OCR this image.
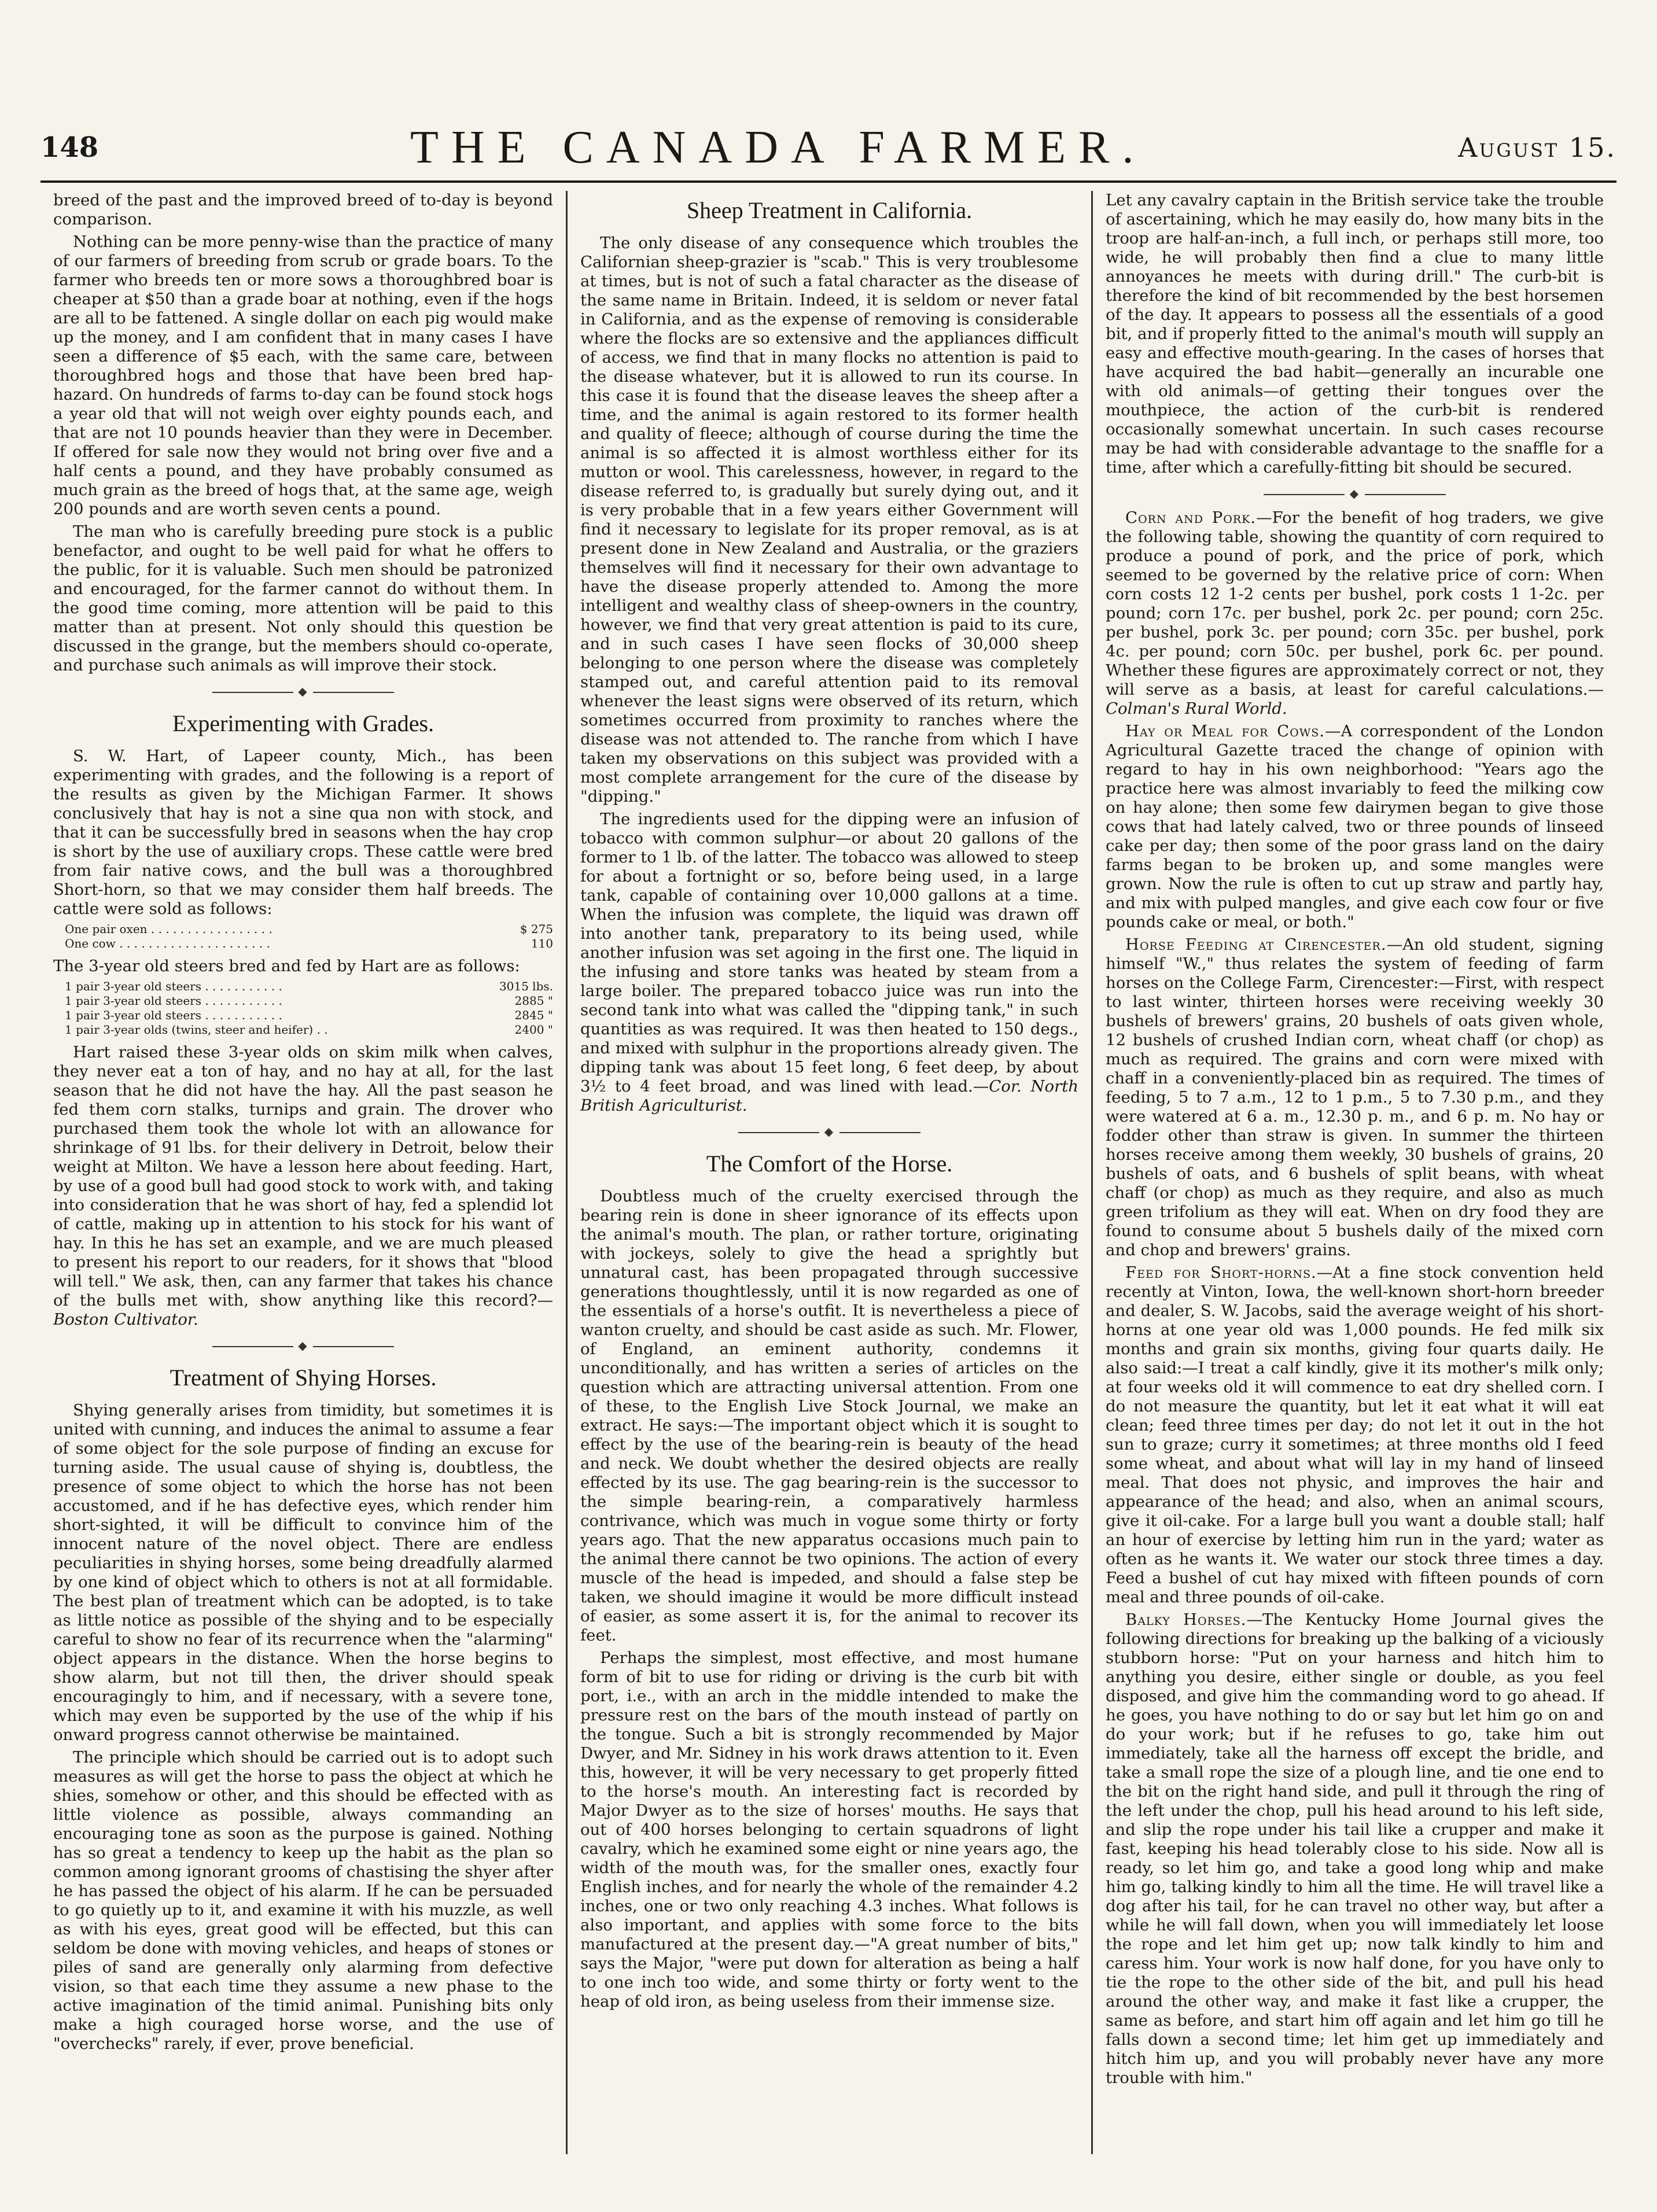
148	THE CANADA FARMER.	August 15.

breed of the past and the improved breed of to-day is beyond comparison.

Nothing can be more penny-wise than the practice of many of our farmers of breeding from scrub or grade boars. To the farmer who breeds ten or more sows a thoroughbred boar is cheaper at $50 than a grade boar at nothing, even if the hogs are all to be fattened. A single dollar on each pig would make up the money, and I am confident that in many cases I have seen a difference of $5 each, with the same care, between thoroughbred hogs and those that have been bred hap-hazard. On hundreds of farms to-day can be found stock hogs a year old that will not weigh over eighty pounds each, and that are not 10 pounds heavier than they were in December. If offered for sale now they would not bring over five and a half cents a pound, and they have probably consumed as much grain as the breed of hogs that, at the same age, weigh 200 pounds and are worth seven cents a pound.

The man who is carefully breeding pure stock is a public benefactor, and ought to be well paid for what he offers to the public, for it is valuable. Such men should be patronized and encouraged, for the farmer cannot do without them. In the good time coming, more attention will be paid to this matter than at present. Not only should this question be discussed in the grange, but the members should co-operate, and purchase such animals as will improve their stock.

◆
Experimenting with Grades.

S. W. Hart, of Lapeer county, Mich., has been experimenting with grades, and the following is a report of the results as given by the Michigan Farmer. It shows conclusively that hay is not a sine qua non with stock, and that it can be successfully bred in seasons when the hay crop is short by the use of auxiliary crops. These cattle were bred from fair native cows, and the bull was a thoroughbred Short-horn, so that we may consider them half breeds. The cattle were sold as follows:

One pair oxen . . . . . . . . . . . . . . . . .	$ 275
One cow . . . . . . . . . . . . . . . . . . . . .	110

The 3-year old steers bred and fed by Hart are as follows:

1 pair 3-year old steers . . . . . . . . . . .	3015 lbs.
1 pair 3-year old steers . . . . . . . . . . .	2885 "
1 pair 3-year old steers . . . . . . . . . . .	2845 "
1 pair 3-year olds (twins, steer and heifer) . .	2400 "

Hart raised these 3-year olds on skim milk when calves, they never eat a ton of hay, and no hay at all, for the last season that he did not have the hay. All the past season he fed them corn stalks, turnips and grain. The drover who purchased them took the whole lot with an allowance for shrinkage of 91 lbs. for their delivery in Detroit, below their weight at Milton. We have a lesson here about feeding. Hart, by use of a good bull had good stock to work with, and taking into consideration that he was short of hay, fed a splendid lot of cattle, making up in attention to his stock for his want of hay. In this he has set an example, and we are much pleased to present his report to our readers, for it shows that "blood will tell." We ask, then, can any farmer that takes his chance of the bulls met with, show anything like this record?—Boston Cultivator.

◆
Treatment of Shying Horses.

Shying generally arises from timidity, but sometimes it is united with cunning, and induces the animal to assume a fear of some object for the sole purpose of finding an excuse for turning aside. The usual cause of shying is, doubtless, the presence of some object to which the horse has not been accustomed, and if he has defective eyes, which render him short-sighted, it will be difficult to convince him of the innocent nature of the novel object. There are endless peculiarities in shying horses, some being dreadfully alarmed by one kind of object which to others is not at all formidable. The best plan of treatment which can be adopted, is to take as little notice as possible of the shying and to be especially careful to show no fear of its recurrence when the "alarming" object appears in the distance. When the horse begins to show alarm, but not till then, the driver should speak encouragingly to him, and if necessary, with a severe tone, which may even be supported by the use of the whip if his onward progress cannot otherwise be maintained.

The principle which should be carried out is to adopt such measures as will get the horse to pass the object at which he shies, somehow or other, and this should be effected with as little violence as possible, always commanding an encouraging tone as soon as the purpose is gained. Nothing has so great a tendency to keep up the habit as the plan so common among ignorant grooms of chastising the shyer after he has passed the object of his alarm. If he can be persuaded to go quietly up to it, and examine it with his muzzle, as well as with his eyes, great good will be effected, but this can seldom be done with moving vehicles, and heaps of stones or piles of sand are generally only alarming from defective vision, so that each time they assume a new phase to the active imagination of the timid animal. Punishing bits only make a high couraged horse worse, and the use of "overchecks" rarely, if ever, prove beneficial.

Sheep Treatment in California.

The only disease of any consequence which troubles the Californian sheep-grazier is "scab." This is very troublesome at times, but is not of such a fatal character as the disease of the same name in Britain. Indeed, it is seldom or never fatal in California, and as the expense of removing is considerable where the flocks are so extensive and the appliances difficult of access, we find that in many flocks no attention is paid to the disease whatever, but it is allowed to run its course. In this case it is found that the disease leaves the sheep after a time, and the animal is again restored to its former health and quality of fleece; although of course during the time the animal is so affected it is almost worthless either for its mutton or wool. This carelessness, however, in regard to the disease referred to, is gradually but surely dying out, and it is very probable that in a few years either Government will find it necessary to legislate for its proper removal, as is at present done in New Zealand and Australia, or the graziers themselves will find it necessary for their own advantage to have the disease properly attended to. Among the more intelligent and wealthy class of sheep-owners in the country, however, we find that very great attention is paid to its cure, and in such cases I have seen flocks of 30,000 sheep belonging to one person where the disease was completely stamped out, and careful attention paid to its removal whenever the least signs were observed of its return, which sometimes occurred from proximity to ranches where the disease was not attended to. The ranche from which I have taken my observations on this subject was provided with a most complete arrangement for the cure of the disease by "dipping."

The ingredients used for the dipping were an infusion of tobacco with common sulphur—or about 20 gallons of the former to 1 lb. of the latter. The tobacco was allowed to steep for about a fortnight or so, before being used, in a large tank, capable of containing over 10,000 gallons at a time. When the infusion was complete, the liquid was drawn off into another tank, preparatory to its being used, while another infusion was set agoing in the first one. The liquid in the infusing and store tanks was heated by steam from a large boiler. The prepared tobacco juice was run into the second tank into what was called the "dipping tank," in such quantities as was required. It was then heated to 150 degs., and mixed with sulphur in the proportions already given. The dipping tank was about 15 feet long, 6 feet deep, by about 3½ to 4 feet broad, and was lined with lead.—Cor. North British Agriculturist.

◆
The Comfort of the Horse.

Doubtless much of the cruelty exercised through the bearing rein is done in sheer ignorance of its effects upon the animal's mouth. The plan, or rather torture, originating with jockeys, solely to give the head a sprightly but unnatural cast, has been propagated through successive generations thoughtlessly, until it is now regarded as one of the essentials of a horse's outfit. It is nevertheless a piece of wanton cruelty, and should be cast aside as such. Mr. Flower, of England, an eminent authority, condemns it unconditionally, and has written a series of articles on the question which are attracting universal attention. From one of these, to the English Live Stock Journal, we make an extract. He says:—The important object which it is sought to effect by the use of the bearing-rein is beauty of the head and neck. We doubt whether the desired objects are really effected by its use. The gag bearing-rein is the successor to the simple bearing-rein, a comparatively harmless contrivance, which was much in vogue some thirty or forty years ago. That the new apparatus occasions much pain to the animal there cannot be two opinions. The action of every muscle of the head is impeded, and should a false step be taken, we should imagine it would be more difficult instead of easier, as some assert it is, for the animal to recover its feet.

Perhaps the simplest, most effective, and most humane form of bit to use for riding or driving is the curb bit with port, i.e., with an arch in the middle intended to make the pressure rest on the bars of the mouth instead of partly on the tongue. Such a bit is strongly recommended by Major Dwyer, and Mr. Sidney in his work draws attention to it. Even this, however, it will be very necessary to get properly fitted to the horse's mouth. An interesting fact is recorded by Major Dwyer as to the size of horses' mouths. He says that out of 400 horses belonging to certain squadrons of light cavalry, which he examined some eight or nine years ago, the width of the mouth was, for the smaller ones, exactly four English inches, and for nearly the whole of the remainder 4.2 inches, one or two only reaching 4.3 inches. What follows is also important, and applies with some force to the bits manufactured at the present day.—"A great number of bits," says the Major, "were put down for alteration as being a half to one inch too wide, and some thirty or forty went to the heap of old iron, as being useless from their immense size.

Let any cavalry captain in the British service take the trouble of ascertaining, which he may easily do, how many bits in the troop are half-an-inch, a full inch, or perhaps still more, too wide, he will probably then find a clue to many little annoyances he meets with during drill." The curb-bit is therefore the kind of bit recommended by the best horsemen of the day. It appears to possess all the essentials of a good bit, and if properly fitted to the animal's mouth will supply an easy and effective mouth-gearing. In the cases of horses that have acquired the bad habit—generally an incurable one with old animals—of getting their tongues over the mouthpiece, the action of the curb-bit is rendered occasionally somewhat uncertain. In such cases recourse may be had with considerable advantage to the snaffle for a time, after which a carefully-fitting bit should be secured.

◆

Corn and Pork.—For the benefit of hog traders, we give the following table, showing the quantity of corn required to produce a pound of pork, and the price of pork, which seemed to be governed by the relative price of corn: When corn costs 12 1-2 cents per bushel, pork costs 1 1-2c. per pound; corn 17c. per bushel, pork 2c. per pound; corn 25c. per bushel, pork 3c. per pound; corn 35c. per bushel, pork 4c. per pound; corn 50c. per bushel, pork 6c. per pound. Whether these figures are approximately correct or not, they will serve as a basis, at least for careful calculations.—Colman's Rural World.

Hay or Meal for Cows.—A correspondent of the London Agricultural Gazette traced the change of opinion with regard to hay in his own neighborhood: "Years ago the practice here was almost invariably to feed the milking cow on hay alone; then some few dairymen began to give those cows that had lately calved, two or three pounds of linseed cake per day; then some of the poor grass land on the dairy farms began to be broken up, and some mangles were grown. Now the rule is often to cut up straw and partly hay, and mix with pulped mangles, and give each cow four or five pounds cake or meal, or both."

Horse Feeding at Cirencester.—An old student, signing himself "W.," thus relates the system of feeding of farm horses on the College Farm, Cirencester:—First, with respect to last winter, thirteen horses were receiving weekly 30 bushels of brewers' grains, 20 bushels of oats given whole, 12 bushels of crushed Indian corn, wheat chaff (or chop) as much as required. The grains and corn were mixed with chaff in a conveniently-placed bin as required. The times of feeding, 5 to 7 a.m., 12 to 1 p.m., 5 to 7.30 p.m., and they were watered at 6 a. m., 12.30 p. m., and 6 p. m. No hay or fodder other than straw is given. In summer the thirteen horses receive among them weekly, 30 bushels of grains, 20 bushels of oats, and 6 bushels of split beans, with wheat chaff (or chop) as much as they require, and also as much green trifolium as they will eat. When on dry food they are found to consume about 5 bushels daily of the mixed corn and chop and brewers' grains.

Feed for Short-horns.—At a fine stock convention held recently at Vinton, Iowa, the well-known short-horn breeder and dealer, S. W. Jacobs, said the average weight of his short-horns at one year old was 1,000 pounds. He fed milk six months and grain six months, giving four quarts daily. He also said:—I treat a calf kindly, give it its mother's milk only; at four weeks old it will commence to eat dry shelled corn. I do not measure the quantity, but let it eat what it will eat clean; feed three times per day; do not let it out in the hot sun to graze; curry it sometimes; at three months old I feed some wheat, and about what will lay in my hand of linseed meal. That does not physic, and improves the hair and appearance of the head; and also, when an animal scours, give it oil-cake. For a large bull you want a double stall; half an hour of exercise by letting him run in the yard; water as often as he wants it. We water our stock three times a day. Feed a bushel of cut hay mixed with fifteen pounds of corn meal and three pounds of oil-cake.

Balky Horses.—The Kentucky Home Journal gives the following directions for breaking up the balking of a viciously stubborn horse: "Put on your harness and hitch him to anything you desire, either single or double, as you feel disposed, and give him the commanding word to go ahead. If he goes, you have nothing to do or say but let him go on and do your work; but if he refuses to go, take him out immediately, take all the harness off except the bridle, and take a small rope the size of a plough line, and tie one end to the bit on the right hand side, and pull it through the ring of the left under the chop, pull his head around to his left side, and slip the rope under his tail like a crupper and make it fast, keeping his head tolerably close to his side. Now all is ready, so let him go, and take a good long whip and make him go, talking kindly to him all the time. He will travel like a dog after his tail, for he can travel no other way, but after a while he will fall down, when you will immediately let loose the rope and let him get up; now talk kindly to him and caress him. Your work is now half done, for you have only to tie the rope to the other side of the bit, and pull his head around the other way, and make it fast like a crupper, the same as before, and start him off again and let him go till he falls down a second time; let him get up immediately and hitch him up, and you will probably never have any more trouble with him."
